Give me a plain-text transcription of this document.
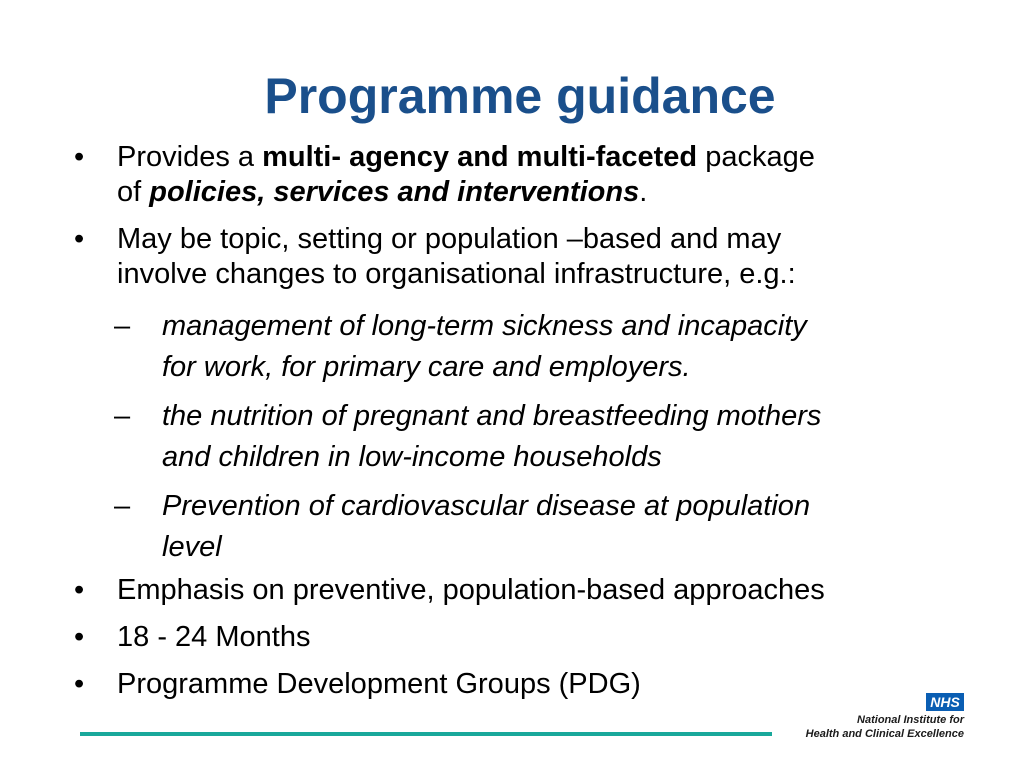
Programme guidance
• Provides a multi- agency and multi-faceted package
of policies, services and interventions.
• May be topic, setting or population –based and may
involve changes to organisational infrastructure, e.g.:
– management of long-term sickness and incapacity
for work, for primary care and employers.
– the nutrition of pregnant and breastfeeding mothers
and children in low-income households
– Prevention of cardiovascular disease at population
level
• Emphasis on preventive, population-based approaches
• 18 - 24 Months
• Programme Development Groups (PDG)
NHS
National Institute for
Health and Clinical Excellence
